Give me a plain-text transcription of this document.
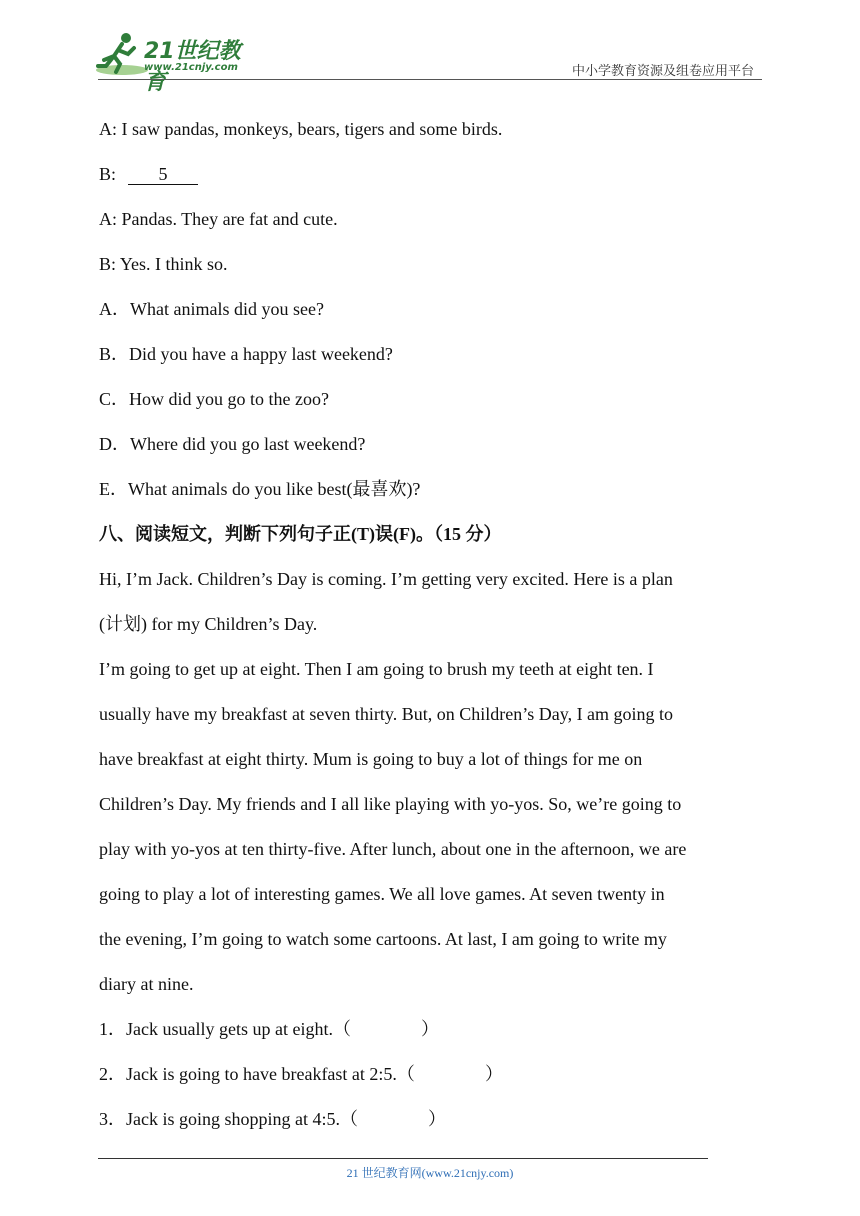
21世纪教育
www.21cnjy.com	中小学教育资源及组卷应用平台
A: I saw pandas, monkeys, bears, tigers and some birds.
B: 5
A: Pandas. They are fat and cute.
B: Yes. I think so.
A．What animals did you see?
B．Did you have a happy last weekend?
C．How did you go to the zoo?
D．Where did you go last weekend?
E．What animals do you like best(最喜欢)?
八、阅读短文，判断下列句子正(T)误(F)。（15 分）
Hi, I’m Jack. Children’s Day is coming. I’m getting very excited. Here is a plan
(计划) for my Children’s Day.
I’m going to get up at eight. Then I am going to brush my teeth at eight ten. I
usually have my breakfast at seven thirty. But, on Children’s Day, I am going to
have breakfast at eight thirty. Mum is going to buy a lot of things for me on
Children’s Day. My friends and I all like playing with yo-yos. So, we’re going to
play with yo-yos at ten thirty-five. After lunch, about one in the afternoon, we are
going to play a lot of interesting games. We all love games. At seven twenty in
the evening, I’m going to watch some cartoons. At last, I am going to write my
diary at nine.
1．Jack usually gets up at eight.（	）
2．Jack is going to have breakfast at 2:5.（	）
3．Jack is going shopping at 4:5.（	）
21 世纪教育网(www.21cnjy.com)
